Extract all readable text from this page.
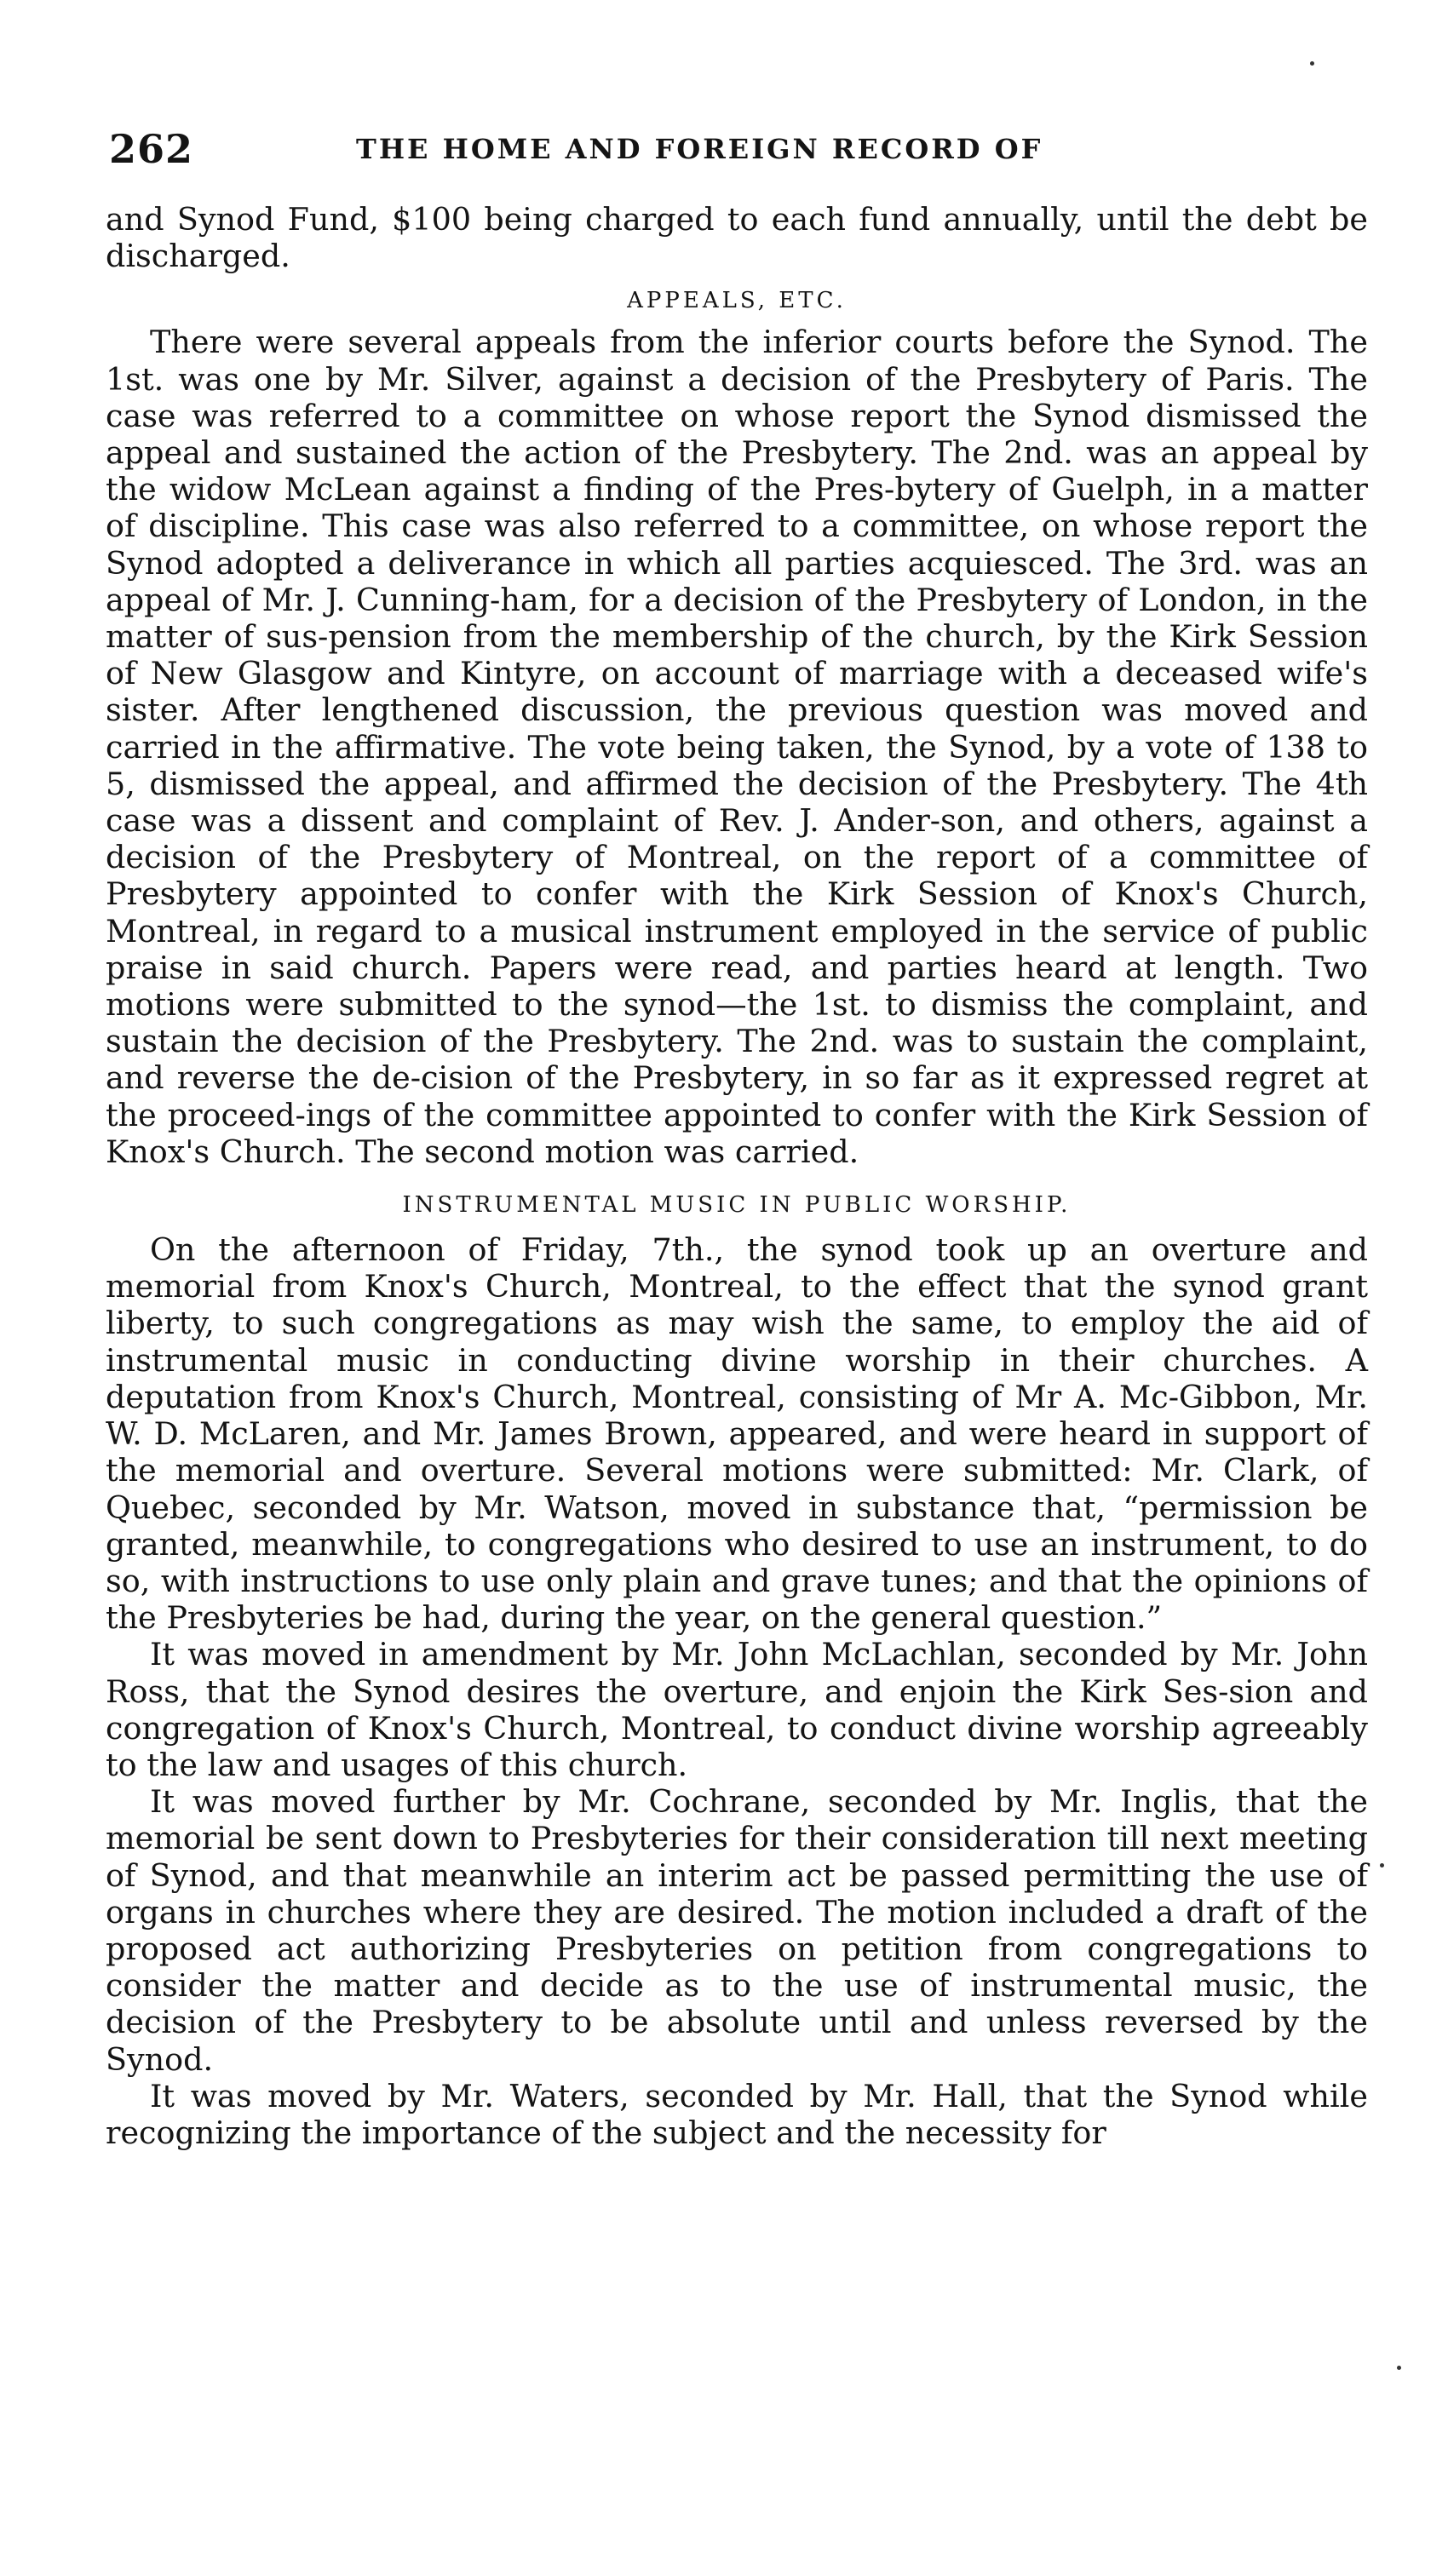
262	THE HOME AND FOREIGN RECORD OF

and Synod Fund, $100 being charged to each fund annually, until the debt be discharged.

APPEALS, ETC.

There were several appeals from the inferior courts before the Synod. The 1st. was one by Mr. Silver, against a decision of the Presbytery of Paris. The case was referred to a committee on whose report the Synod dismissed the appeal and sustained the action of the Presbytery. The 2nd. was an appeal by the widow McLean against a finding of the Pres-bytery of Guelph, in a matter of discipline. This case was also referred to a committee, on whose report the Synod adopted a deliverance in which all parties acquiesced. The 3rd. was an appeal of Mr. J. Cunning-ham, for a decision of the Presbytery of London, in the matter of sus-pension from the membership of the church, by the Kirk Session of New Glasgow and Kintyre, on account of marriage with a deceased wife's sister. After lengthened discussion, the previous question was moved and carried in the affirmative. The vote being taken, the Synod, by a vote of 138 to 5, dismissed the appeal, and affirmed the decision of the Presbytery. The 4th case was a dissent and complaint of Rev. J. Ander-son, and others, against a decision of the Presbytery of Montreal, on the report of a committee of Presbytery appointed to confer with the Kirk Session of Knox's Church, Montreal, in regard to a musical instrument employed in the service of public praise in said church. Papers were read, and parties heard at length. Two motions were submitted to the synod—the 1st. to dismiss the complaint, and sustain the decision of the Presbytery. The 2nd. was to sustain the complaint, and reverse the de-cision of the Presbytery, in so far as it expressed regret at the proceed-ings of the committee appointed to confer with the Kirk Session of Knox's Church. The second motion was carried.

INSTRUMENTAL MUSIC IN PUBLIC WORSHIP.

On the afternoon of Friday, 7th., the synod took up an overture and memorial from Knox's Church, Montreal, to the effect that the synod grant liberty, to such congregations as may wish the same, to employ the aid of instrumental music in conducting divine worship in their churches. A deputation from Knox's Church, Montreal, consisting of Mr A. Mc-Gibbon, Mr. W. D. McLaren, and Mr. James Brown, appeared, and were heard in support of the memorial and overture. Several motions were submitted: Mr. Clark, of Quebec, seconded by Mr. Watson, moved in substance that, “permission be granted, meanwhile, to congregations who desired to use an instrument, to do so, with instructions to use only plain and grave tunes; and that the opinions of the Presbyteries be had, during the year, on the general question.”

It was moved in amendment by Mr. John McLachlan, seconded by Mr. John Ross, that the Synod desires the overture, and enjoin the Kirk Ses-sion and congregation of Knox's Church, Montreal, to conduct divine worship agreeably to the law and usages of this church.

It was moved further by Mr. Cochrane, seconded by Mr. Inglis, that the memorial be sent down to Presbyteries for their consideration till next meeting of Synod, and that meanwhile an interim act be passed permitting the use of organs in churches where they are desired. The motion included a draft of the proposed act authorizing Presbyteries on petition from congregations to consider the matter and decide as to the use of instrumental music, the decision of the Presbytery to be absolute until and unless reversed by the Synod.

It was moved by Mr. Waters, seconded by Mr. Hall, that the Synod while recognizing the importance of the subject and the necessity for
